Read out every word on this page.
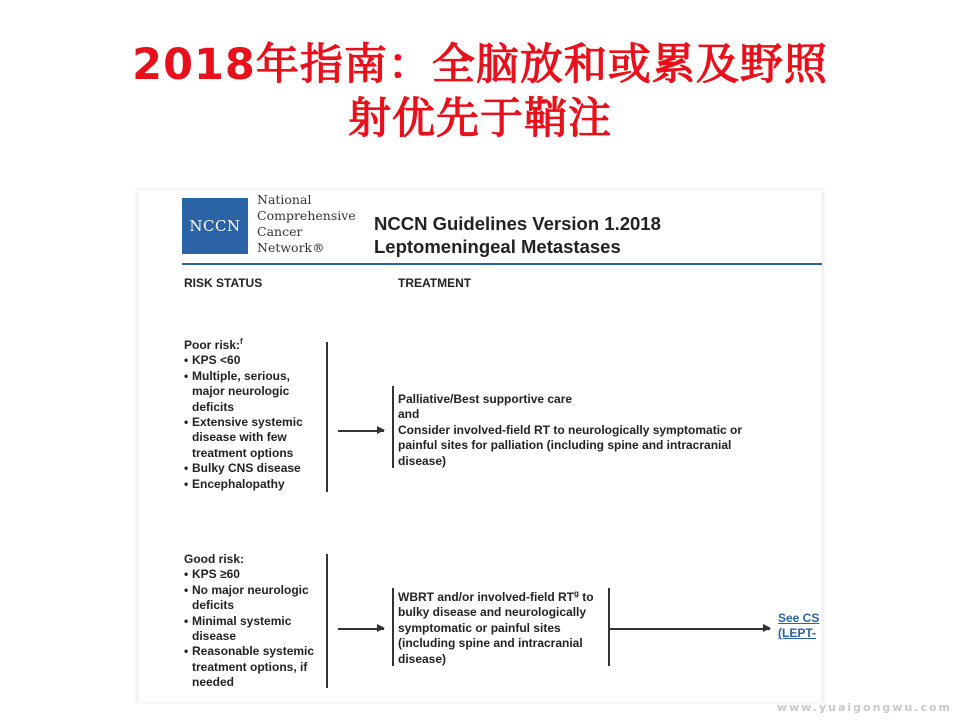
2018年指南：全脑放和或累及野照
射优先于鞘注
NCCN
National
Comprehensive
Cancer
Network®
NCCN Guidelines Version 1.2018
Leptomeningeal Metastases
RISK STATUS	TREATMENT
Poor risk:$^f$
• KPS <60
• Multiple, serious,
major neurologic
deficits
• Extensive systemic
disease with few
treatment options
• Bulky CNS disease
• Encephalopathy
Palliative/Best supportive care
and
Consider involved-field RT to neurologically symptomatic or
painful sites for palliation (including spine and intracranial
disease)
Good risk:
• KPS ≥60
• No major neurologic
deficits
• Minimal systemic
disease
• Reasonable systemic
treatment options, if
needed
WBRT and/or involved-field $RT^g$ to
bulky disease and neurologically
symptomatic or painful sites
(including spine and intracranial
disease)
See CS
(LEPT-
www.yuaigongwu.com
